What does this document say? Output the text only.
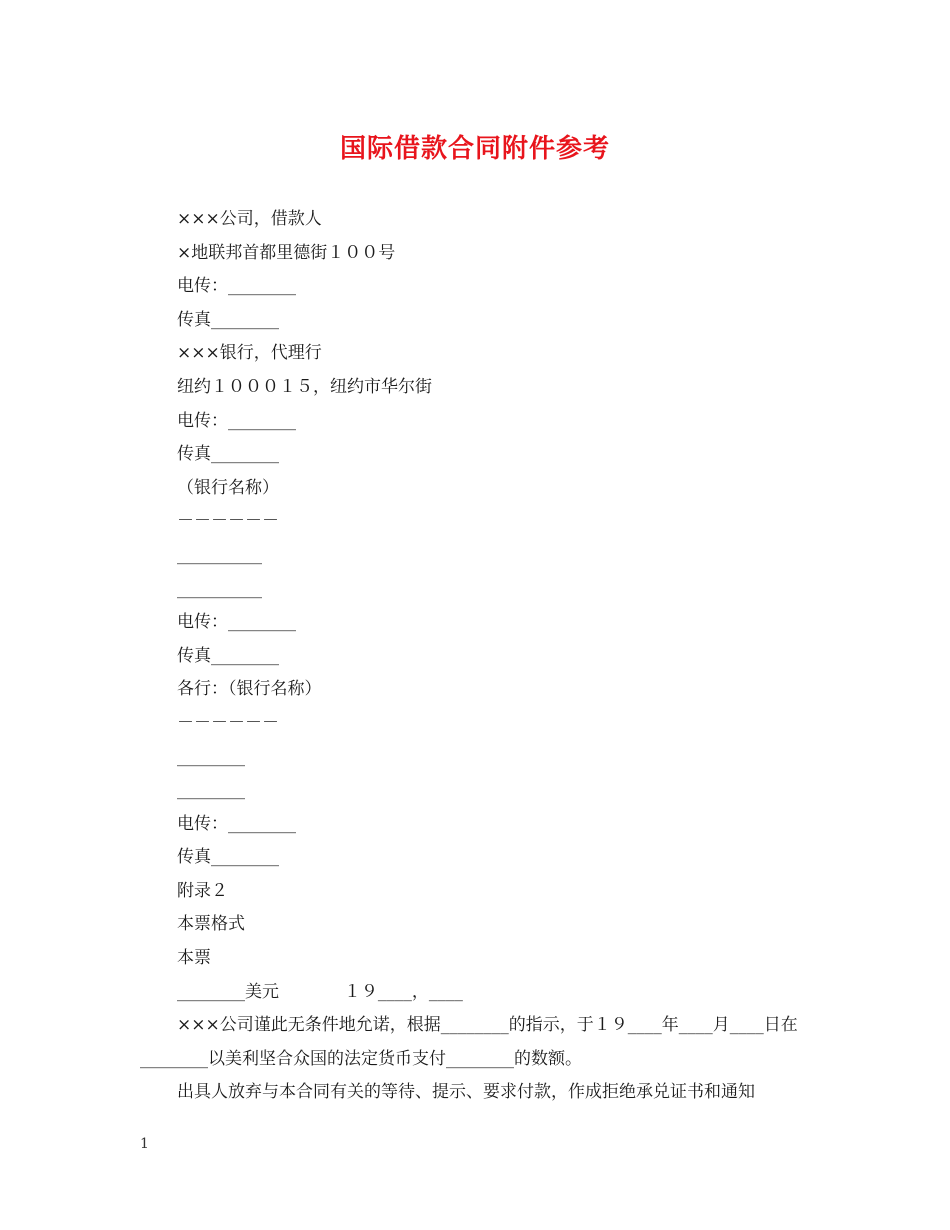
国际借款合同附件参考
×××公司，借款人
×地联邦首都里德街１００号
电传：________
传真________
×××银行，代理行
纽约１０００１５，纽约市华尔街
电传：________
传真________
（银行名称）
－－－－－－
__________
__________
电传：________
传真________
各行：（银行名称）
－－－－－－
________
________
电传：________
传真________
附录２
本票格式
本票
________美元            １９____，____
×××公司谨此无条件地允诺，根据________的指示，于１９____年____月____日在________以美利坚合众国的法定货币支付________的数额。
出具人放弃与本合同有关的等待、提示、要求付款，作成拒绝承兑证书和通知
1
